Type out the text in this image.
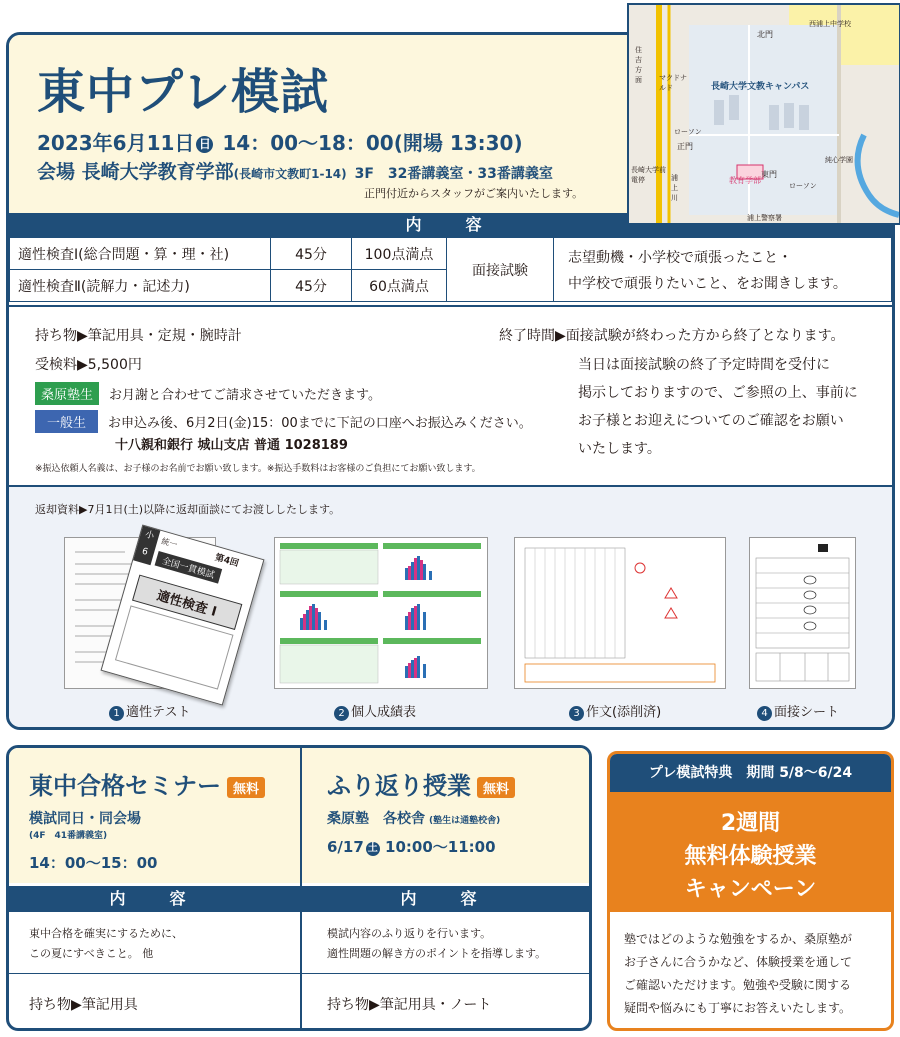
東中プレ模試
2023年6月11日 日 14：00〜18：00(開場 13:30)
会場 長崎大学教育学部(長崎市文教町1-14) 3F　32番講義室・33番講義室
正門付近からスタッフがご案内いたします。
内　容
適性検査Ⅰ(総合問題・算・理・社)	45分	100点満点	面接試験	志望動機・小学校で頑張ったこと・
中学校で頑張りたいこと、をお聞きします。

適性検査Ⅱ(読解力・記述力)	45分	60点満点		
持ち物▶筆記用具・定規・腕時計
受検料▶5,500円
桑原塾生 お月謝と合わせてご請求させていただきます。
一般生 お申込み後、6月2日(金)15：00までに下記の口座へお振込みください。
十八親和銀行 城山支店 普通 1028189
※振込依頼人名義は、お子様のお名前でお願い致します。※振込手数料はお客様のご負担にてお願い致します。
終了時間▶面接試験が終わった方から終了となります。
当日は面接試験の終了予定時間を受付に
掲示しておりますので、ご参照の上、事前に
お子様とお迎えについてのご確認をお願い
いたします。
返却資料▶7月1日(土)以降に返却面談にてお渡ししたします。
小
6
統一
第4回
全国一貫模試
適性検査 Ⅰ
1 適性テスト	2 個人成績表	3 作文(添削済)	4 面接シート
長崎大学文教キャンパス
北門
正門
東門
教育学部
ローソン
ローソン
マクドナルド
西浦上中学校
純心学園
長崎大学前電停	浦上川
浦上警察署
住吉方面
東中合格セミナー 無料
模試同日・同会場
(4F　41番講義室)
14：00〜15：00
内　容
東中合格を確実にするために、
この夏にすべきこと。 他
持ち物▶筆記用具
ふり返り授業 無料
桑原塾　各校舎 (塾生は通塾校舎)
6/17 土 10:00〜11:00
内　容
模試内容のふり返りを行います。
適性問題の解き方のポイントを指導します。
持ち物▶筆記用具・ノート
プレ模試特典　期間 5/8〜6/24
2週間
無料体験授業
キャンペーン
塾ではどのような勉強をするか、桑原塾が
お子さんに合うかなど、体験授業を通して
ご確認いただけます。勉強や受験に関する
疑問や悩みにも丁寧にお答えいたします。
